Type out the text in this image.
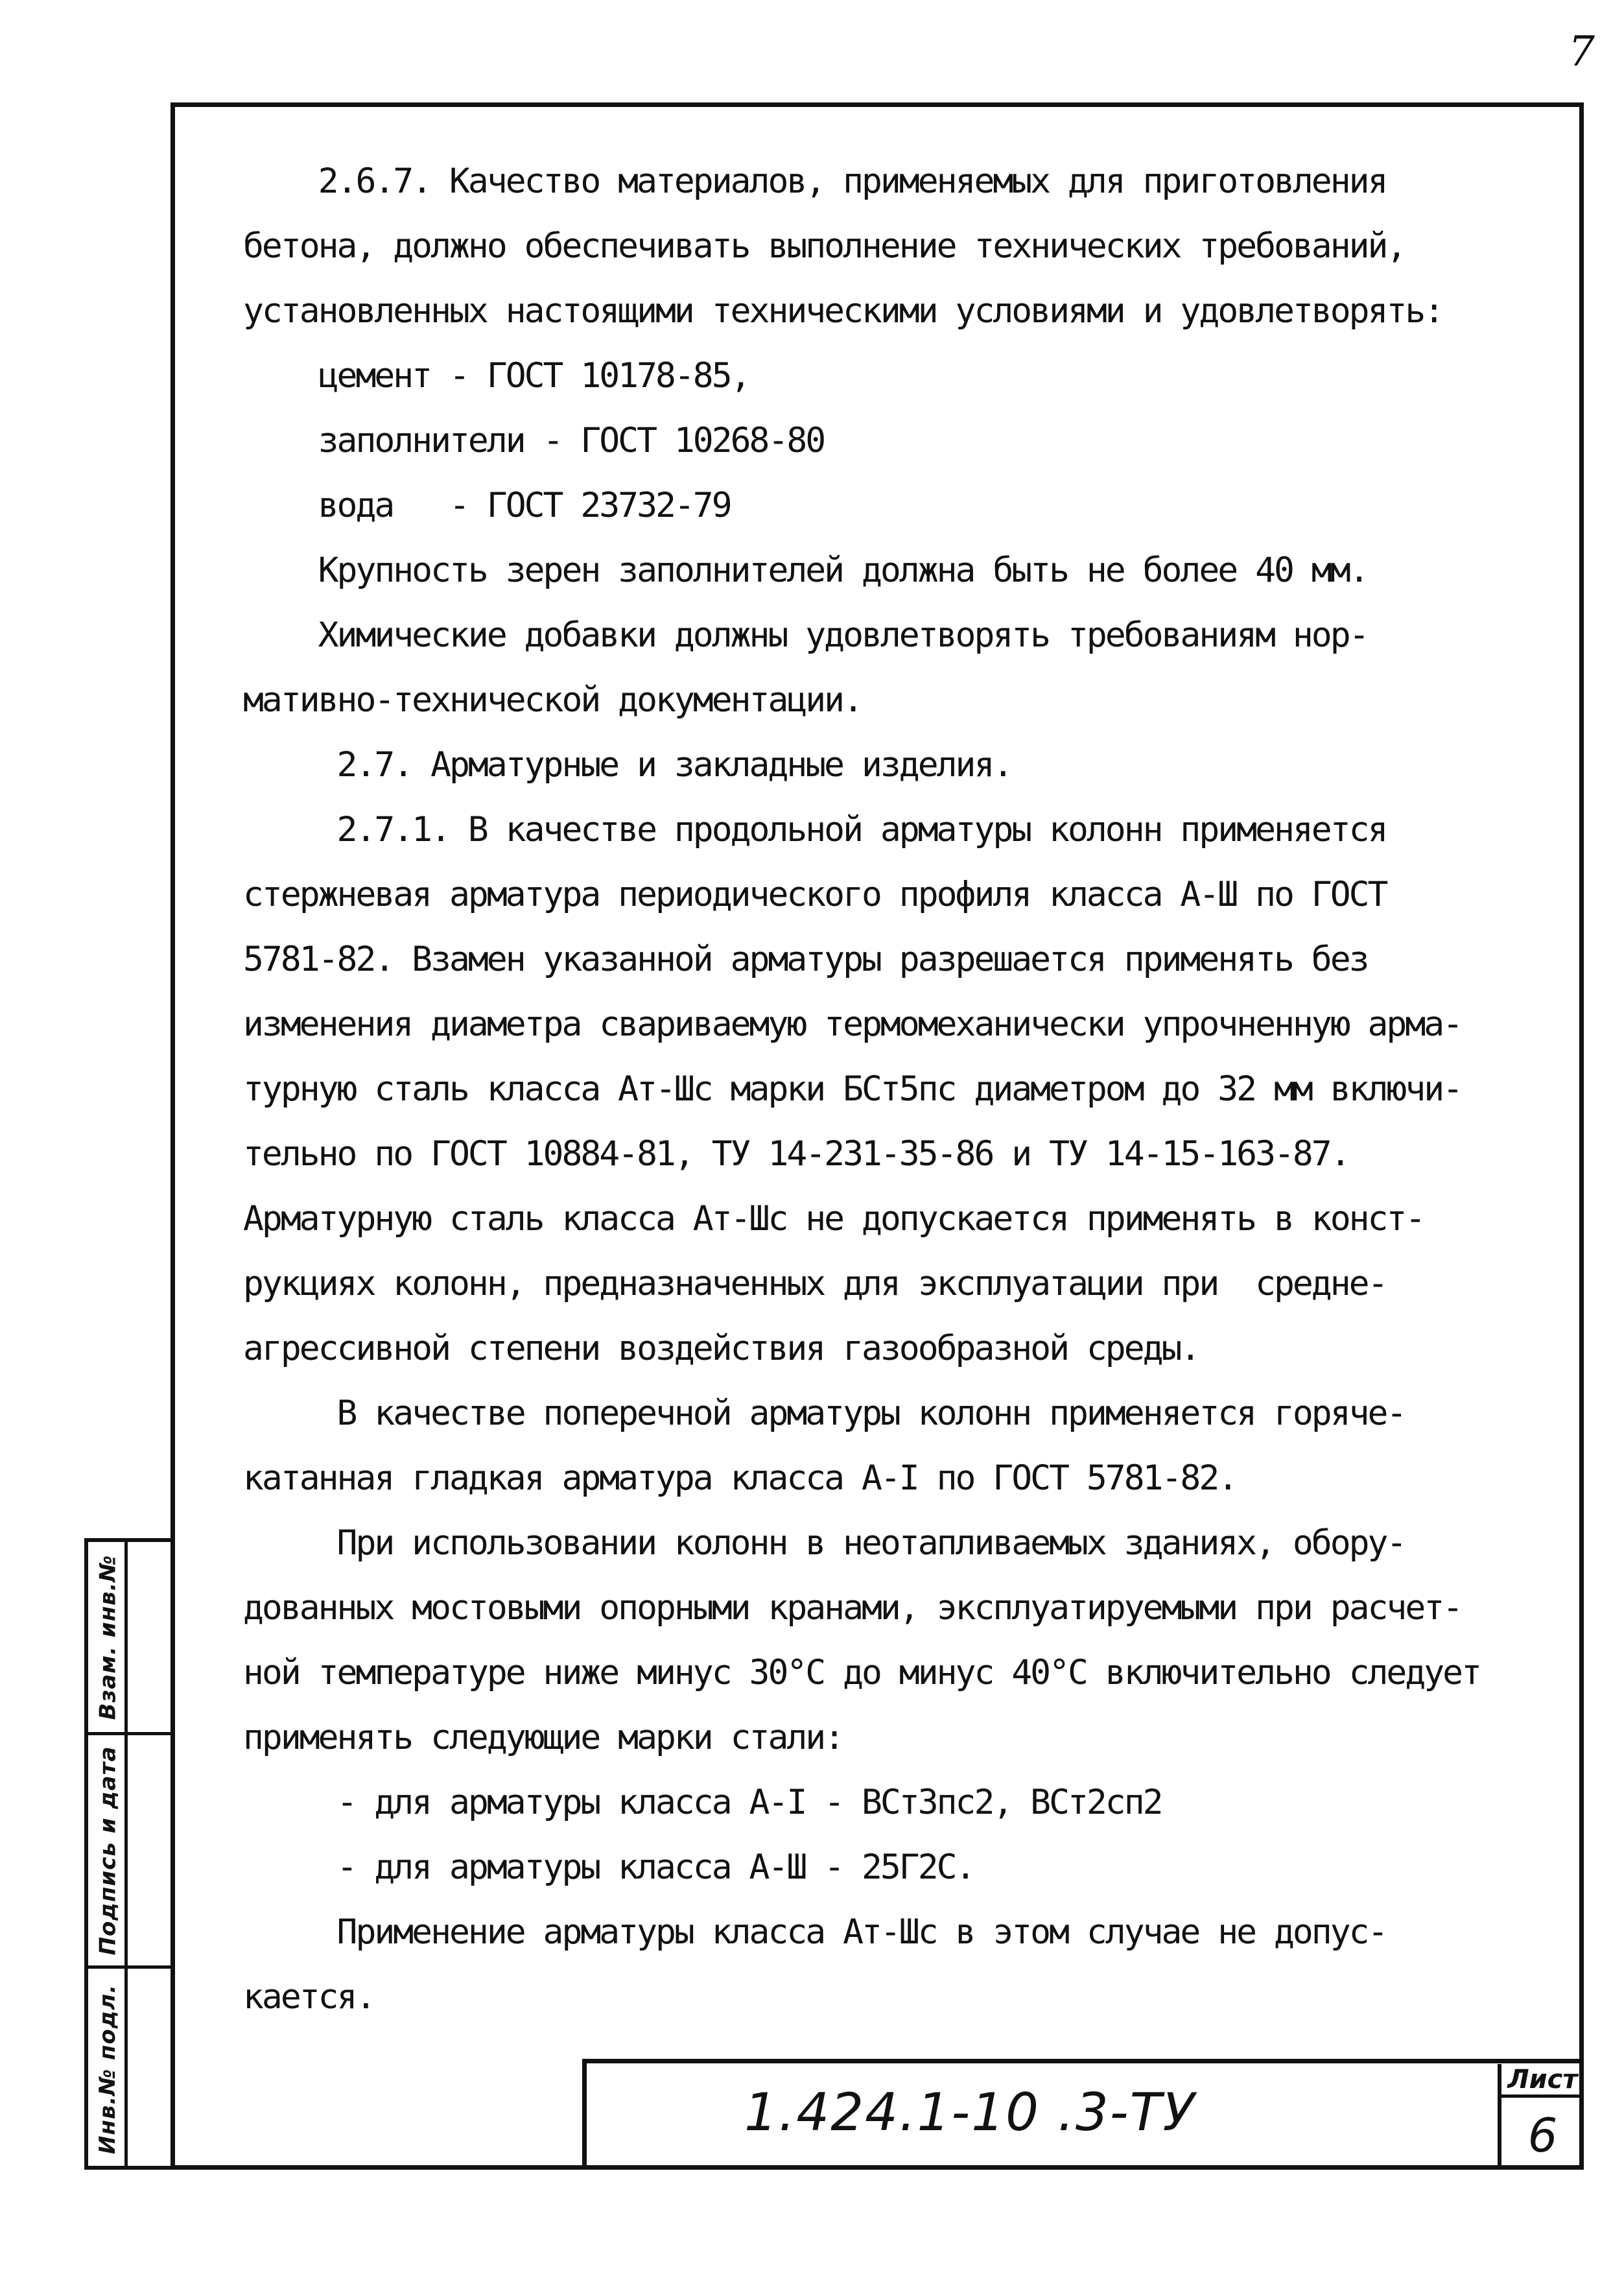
7
Взам. инв.№
Подпись и дата
Инв.№ подл.

2.6.7. Качество материалов, применяемых для приготовления

бетона, должно обеспечивать выполнение технических требований,

установленных настоящими техническими условиями и удовлетворять:

цемент - ГОСТ 10178-85,

заполнители - ГОСТ 10268-80

вода   - ГОСТ 23732-79

Крупность зерен заполнителей должна быть не более 40 мм.

Химические добавки должны удовлетворять требованиям нор-

мативно-технической документации.

2.7. Арматурные и закладные изделия.

2.7.1. В качестве продольной арматуры колонн применяется

стержневая арматура периодического профиля класса А-Ш по ГОСТ

5781-82. Взамен указанной арматуры разрешается применять без

изменения диаметра свариваемую термомеханически упрочненную арма-

турную сталь класса Ат-Шс марки БСт5пс диаметром до 32 мм включи-

тельно по ГОСТ 10884-81, ТУ 14-231-35-86 и ТУ 14-15-163-87.

Арматурную сталь класса Ат-Шс не допускается применять в конст-

рукциях колонн, предназначенных для эксплуатации при  средне-

агрессивной степени воздействия газообразной среды.

В качестве поперечной арматуры колонн применяется горяче-

катанная гладкая арматура класса А-I по ГОСТ 5781-82.

При использовании колонн в неотапливаемых зданиях, обору-

дованных мостовыми опорными кранами, эксплуатируемыми при расчет-

ной температуре ниже минус 30°С до минус 40°С включительно следует

применять следующие марки стали:

- для арматуры класса А-I - ВСт3пс2, ВСт2сп2

- для арматуры класса А-Ш - 25Г2С.

Применение арматуры класса Ат-Шс в этом случае не допус-

кается.

1.424.1-10 .3-ТУ
Лист
6
